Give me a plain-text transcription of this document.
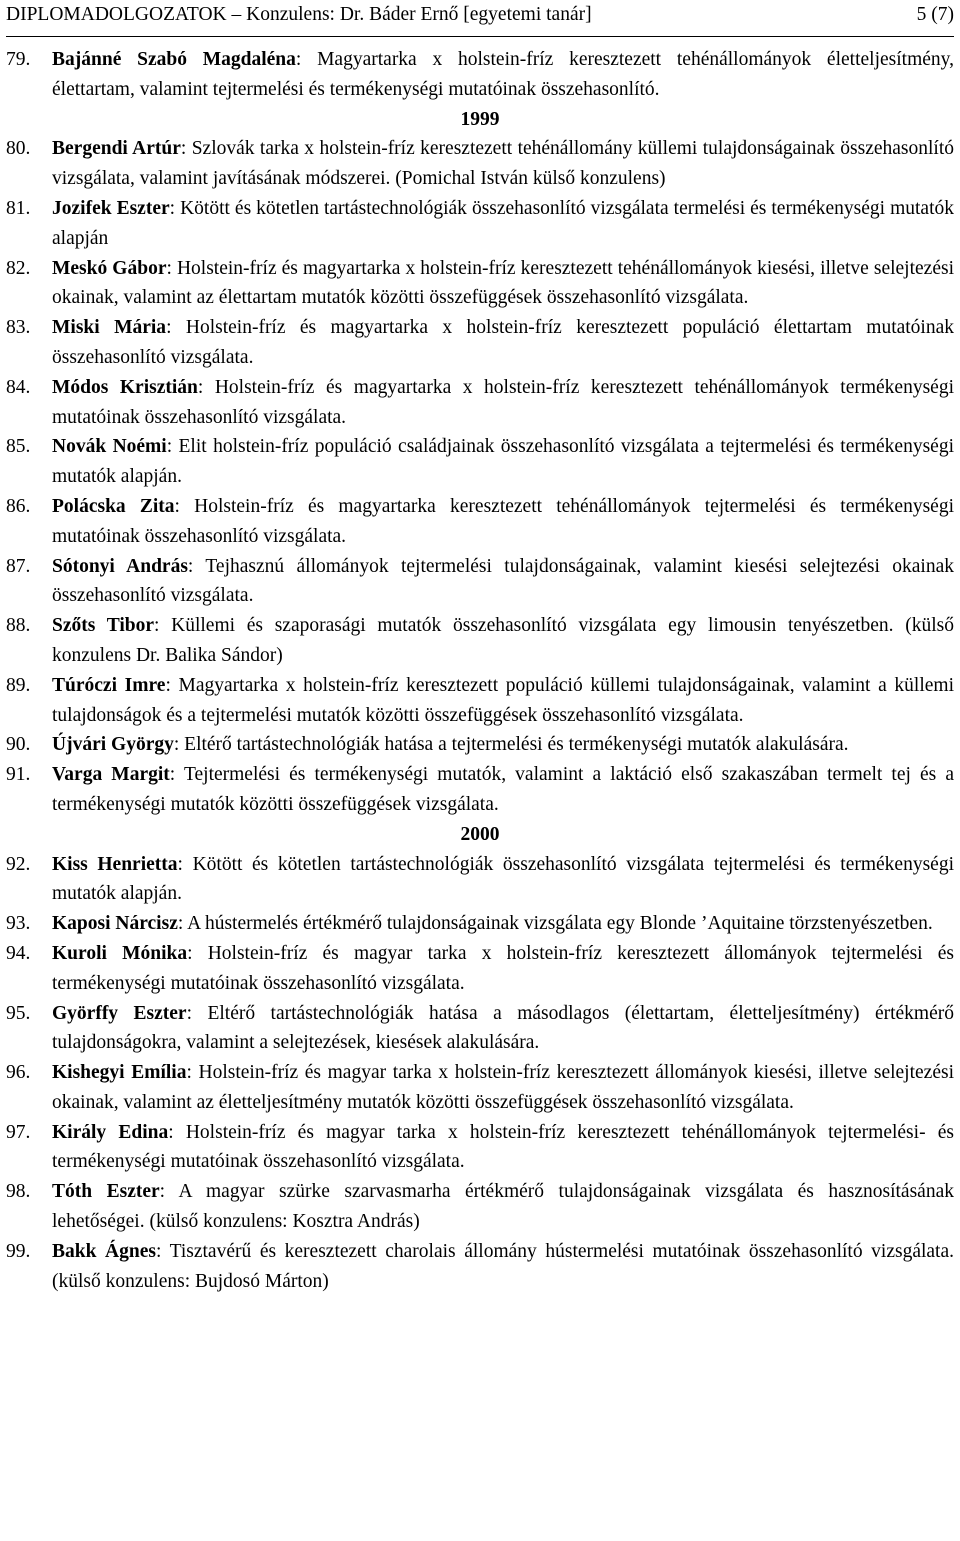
DIPLOMADOLGOZATOK – Konzulens: Dr. Báder Ernő [egyetemi tanár]	5 (7)
79.	Bajánné Szabó Magdaléna: Magyartarka x holstein-fríz keresztezett tehénállományok életteljesítmény, élettartam, valamint tejtermelési és termékenységi mutatóinak összehasonlító.
1999
80.	Bergendi Artúr: Szlovák tarka x holstein-fríz keresztezett tehénállomány küllemi tulajdonságainak összehasonlító vizsgálata, valamint javításának módszerei. (Pomichal István külső konzulens)
81.	Jozifek Eszter: Kötött és kötetlen tartástechnológiák összehasonlító vizsgálata termelési és termékenységi mutatók alapján
82.	Meskó Gábor: Holstein-fríz és magyartarka x holstein-fríz keresztezett tehénállományok kiesési, illetve selejtezési okainak, valamint az élettartam mutatók közötti összefüggések összehasonlító vizsgálata.
83.	Miski Mária: Holstein-fríz és magyartarka x holstein-fríz keresztezett populáció élettartam mutatóinak összehasonlító vizsgálata.
84.	Módos Krisztián: Holstein-fríz és magyartarka x holstein-fríz keresztezett tehénállományok termékenységi mutatóinak összehasonlító vizsgálata.
85.	Novák Noémi: Elit holstein-fríz populáció családjainak összehasonlító vizsgálata a tejtermelési és termékenységi mutatók alapján.
86.	Polácska Zita: Holstein-fríz és magyartarka keresztezett tehénállományok tejtermelési és termékenységi mutatóinak összehasonlító vizsgálata.
87.	Sótonyi András: Tejhasznú állományok tejtermelési tulajdonságainak, valamint kiesési selejtezési okainak összehasonlító vizsgálata.
88.	Szőts Tibor: Küllemi és szaporasági mutatók összehasonlító vizsgálata egy limousin tenyészetben. (külső konzulens Dr. Balika Sándor)
89.	Túróczi Imre: Magyartarka x holstein-fríz keresztezett populáció küllemi tulajdonságainak, valamint a küllemi tulajdonságok és a tejtermelési mutatók közötti összefüggések összehasonlító vizsgálata.
90.	Újvári György: Eltérő tartástechnológiák hatása a tejtermelési és termékenységi mutatók alakulására.
91.	Varga Margit: Tejtermelési és termékenységi mutatók, valamint a laktáció első szakaszában termelt tej és a termékenységi mutatók közötti összefüggések vizsgálata.
2000
92.	Kiss Henrietta: Kötött és kötetlen tartástechnológiák összehasonlító vizsgálata tejtermelési és termékenységi mutatók alapján.
93.	Kaposi Nárcisz: A hústermelés értékmérő tulajdonságainak vizsgálata egy Blonde ’Aquitaine törzstenyészetben.
94.	Kuroli Mónika: Holstein-fríz és magyar tarka x holstein-fríz keresztezett állományok tejtermelési és termékenységi mutatóinak összehasonlító vizsgálata.
95.	Györffy Eszter: Eltérő tartástechnológiák hatása a másodlagos (élettartam, életteljesítmény) értékmérő tulajdonságokra, valamint a selejtezések, kiesések alakulására.
96.	Kishegyi Emília: Holstein-fríz és magyar tarka x holstein-fríz keresztezett állományok kiesési, illetve selejtezési okainak, valamint az életteljesítmény mutatók közötti összefüggések összehasonlító vizsgálata.
97.	Király Edina: Holstein-fríz és magyar tarka x holstein-fríz keresztezett tehénállományok tejtermelési- és termékenységi mutatóinak összehasonlító vizsgálata.
98.	Tóth Eszter: A magyar szürke szarvasmarha értékmérő tulajdonságainak vizsgálata és hasznosításának lehetőségei. (külső konzulens: Kosztra András)
99.	Bakk Ágnes: Tisztavérű és keresztezett charolais állomány hústermelési mutatóinak összehasonlító vizsgálata. (külső konzulens: Bujdosó Márton)
